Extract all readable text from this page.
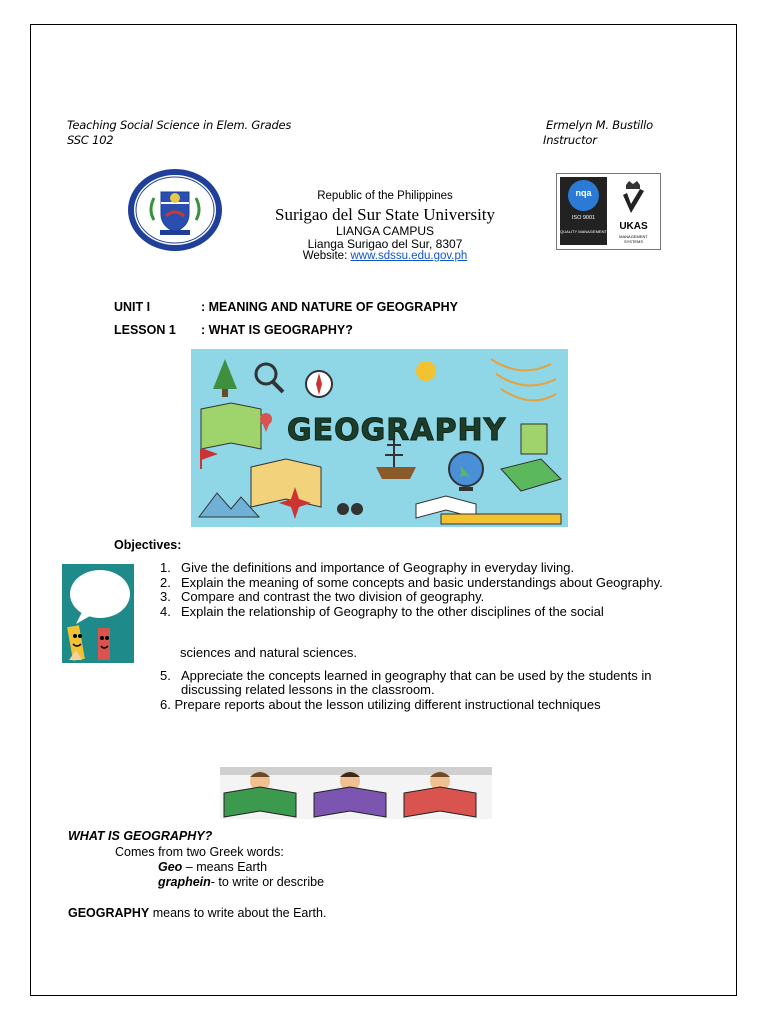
Teaching Social Science in Elem. Grades
SSC 102
Ermelyn M. Bustillo
Instructor
Republic of the Philippines
Surigao del Sur State University
LIANGA CAMPUS
Lianga Surigao del Sur, 8307
Website: www.sdssu.edu.gov.ph
nqa
ISO 9001
QUALITY MANAGEMENT	UKAS
MANAGEMENT SYSTEMS
UNIT I	: MEANING AND NATURE OF GEOGRAPHY
LESSON 1 : WHAT IS GEOGRAPHY?
GEOGRAPHY
Objectives:
1. Give the definitions and importance of Geography in everyday living.
2. Explain the meaning of some concepts and basic understandings about Geography.
3. Compare and contrast the two division of geography.
4. Explain the relationship of Geography to the other disciplines of the social
sciences and natural sciences.
5. Appreciate the concepts learned in geography that can be used by the students in discussing related lessons in the classroom.
6. Prepare reports about the lesson utilizing different instructional techniques
WHAT IS GEOGRAPHY?
Comes from two Greek words:
Geo – means Earth
graphein- to write or describe
GEOGRAPHY means to write about the Earth.
